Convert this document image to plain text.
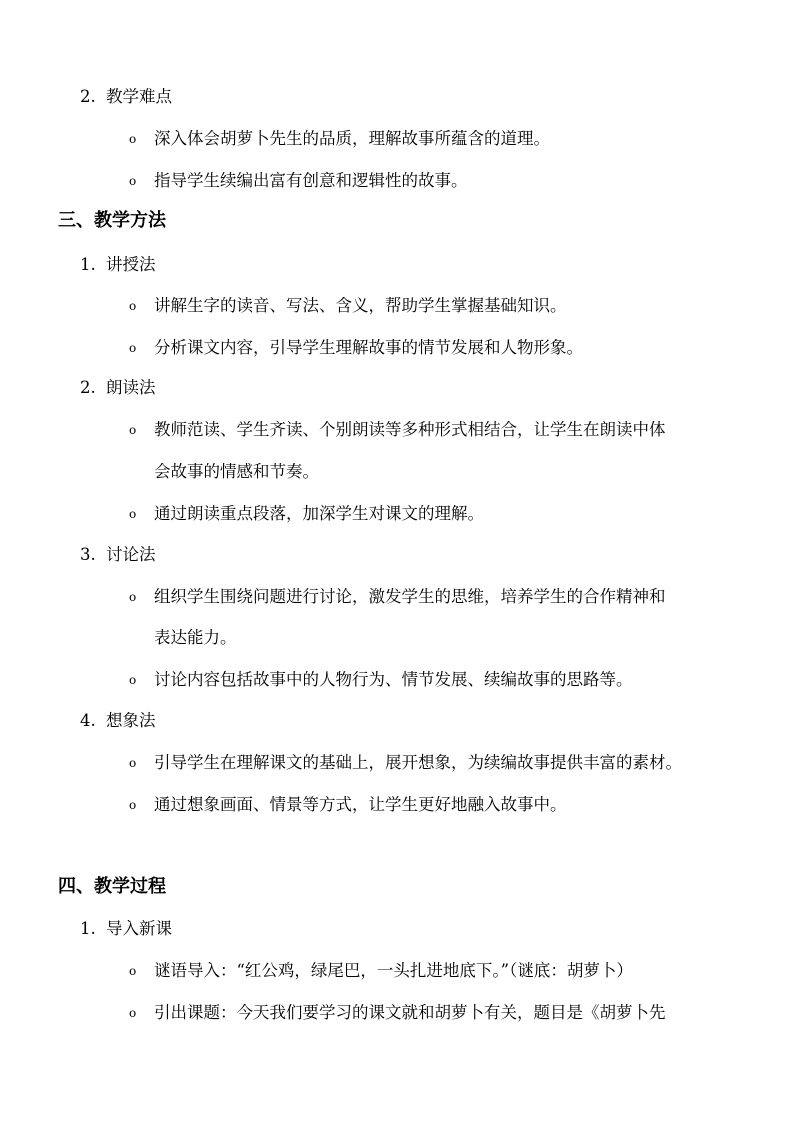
2. 教学难点
o 深入体会胡萝卜先生的品质，理解故事所蕴含的道理。
o 指导学生续编出富有创意和逻辑性的故事。
三、教学方法
1. 讲授法
o 讲解生字的读音、写法、含义，帮助学生掌握基础知识。
o 分析课文内容，引导学生理解故事的情节发展和人物形象。
2. 朗读法
o 教师范读、学生齐读、个别朗读等多种形式相结合，让学生在朗读中体
会故事的情感和节奏。
o 通过朗读重点段落，加深学生对课文的理解。
3. 讨论法
o 组织学生围绕问题进行讨论，激发学生的思维，培养学生的合作精神和
表达能力。
o 讨论内容包括故事中的人物行为、情节发展、续编故事的思路等。
4. 想象法
o 引导学生在理解课文的基础上，展开想象，为续编故事提供丰富的素材。
o 通过想象画面、情景等方式，让学生更好地融入故事中。
四、教学过程
1. 导入新课
o 谜语导入：“红公鸡，绿尾巴，一头扎进地底下。”（谜底：胡萝卜）
o 引出课题：今天我们要学习的课文就和胡萝卜有关，题目是《胡萝卜先
